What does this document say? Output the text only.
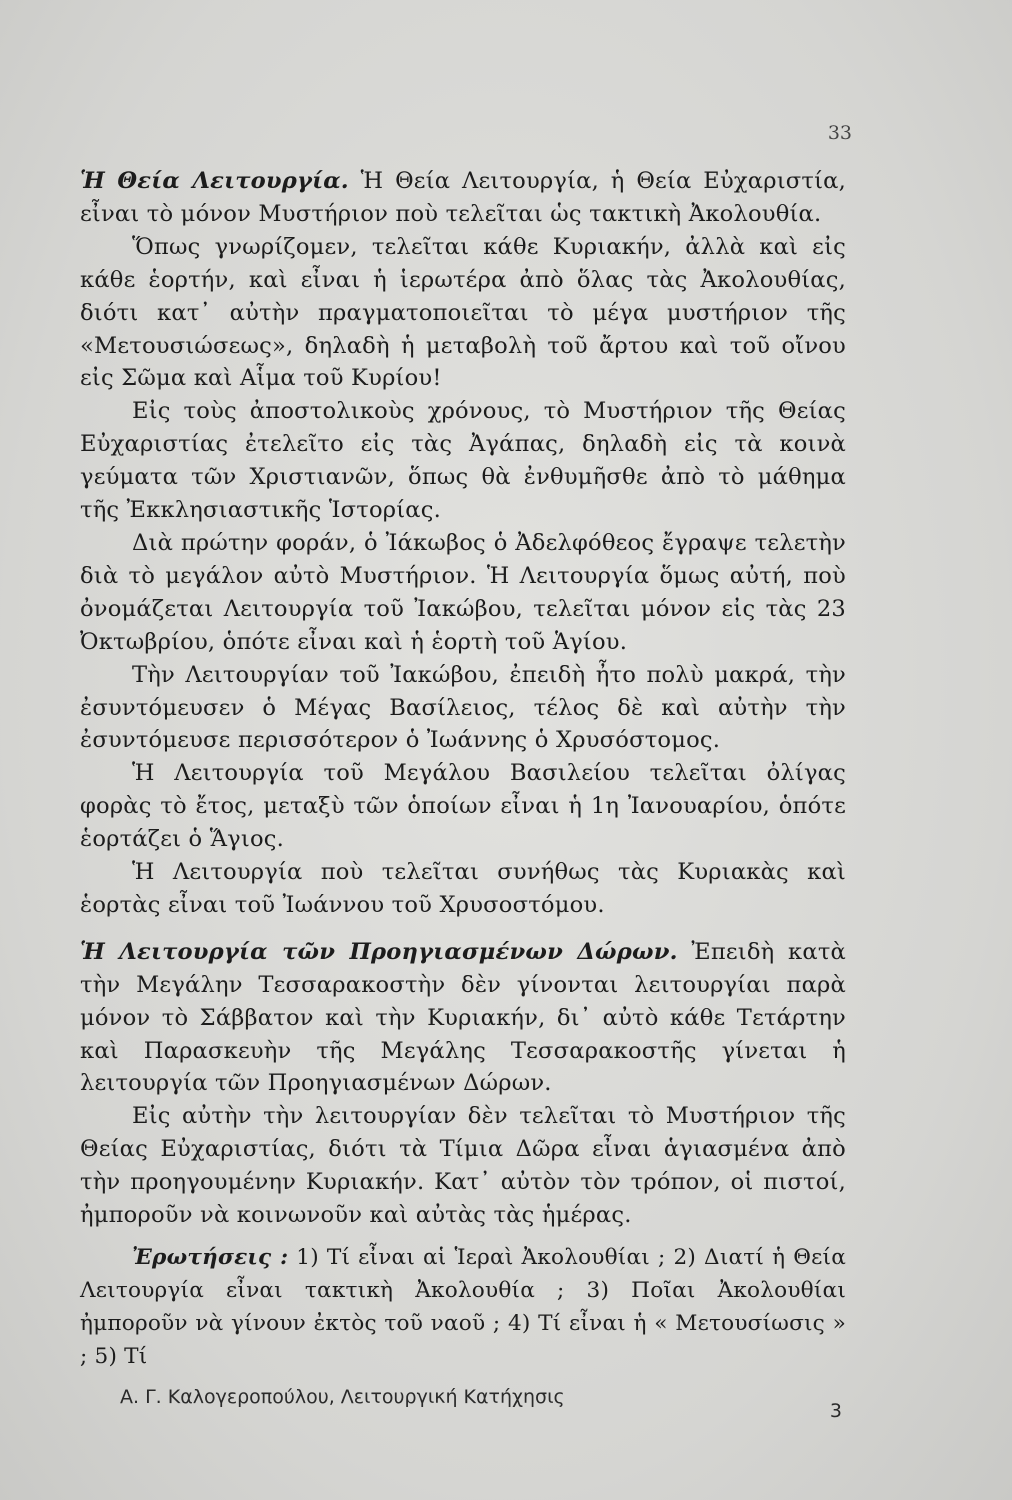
33

Ἡ Θεία Λειτουργία. Ἡ Θεία Λειτουργία, ἡ Θεία Εὐχαριστία, εἶναι τὸ μόνον Μυστήριον ποὺ τελεῖται ὡς τακτικὴ Ἀκολουθία.

Ὅπως γνωρίζομεν, τελεῖται κάθε Κυριακήν, ἀλλὰ καὶ εἰς κάθε ἑορτήν, καὶ εἶναι ἡ ἱερωτέρα ἀπὸ ὅλας τὰς Ἀκολουθίας, διότι κατ᾿ αὐτὴν πραγματοποιεῖται τὸ μέγα μυστήριον τῆς «Μετουσιώσεως», δηλαδὴ ἡ μεταβολὴ τοῦ ἄρτου καὶ τοῦ οἴνου εἰς Σῶμα καὶ Αἷμα τοῦ Κυρίου!

Εἰς τοὺς ἀποστολικοὺς χρόνους, τὸ Μυστήριον τῆς Θείας Εὐχαριστίας ἐτελεῖτο εἰς τὰς Ἀγάπας, δηλαδὴ εἰς τὰ κοινὰ γεύματα τῶν Χριστιανῶν, ὅπως θὰ ἐνθυμῆσθε ἀπὸ τὸ μάθημα τῆς Ἐκκλησιαστικῆς Ἱστορίας.

Διὰ πρώτην φοράν, ὁ Ἰάκωβος ὁ Ἀδελφόθεος ἔγραψε τελετὴν διὰ τὸ μεγάλον αὐτὸ Μυστήριον. Ἡ Λειτουργία ὅμως αὐτή, ποὺ ὀνομάζεται Λειτουργία τοῦ Ἰακώβου, τελεῖται μόνον εἰς τὰς 23 Ὀκτωβρίου, ὁπότε εἶναι καὶ ἡ ἑορτὴ τοῦ Ἁγίου.

Τὴν Λειτουργίαν τοῦ Ἰακώβου, ἐπειδὴ ἦτο πολὺ μακρά, τὴν ἐσυντόμευσεν ὁ Μέγας Βασίλειος, τέλος δὲ καὶ αὐτὴν τὴν ἐσυντόμευσε περισσότερον ὁ Ἰωάννης ὁ Χρυσόστομος.

Ἡ Λειτουργία τοῦ Μεγάλου Βασιλείου τελεῖται ὀλίγας φορὰς τὸ ἔτος, μεταξὺ τῶν ὁποίων εἶναι ἡ 1η Ἰανουαρίου, ὁπότε ἑορτάζει ὁ Ἅγιος.

Ἡ Λειτουργία ποὺ τελεῖται συνήθως τὰς Κυριακὰς καὶ ἑορτὰς εἶναι τοῦ Ἰωάννου τοῦ Χρυσοστόμου.

Ἡ Λειτουργία τῶν Προηγιασμένων Δώρων. Ἐπειδὴ κατὰ τὴν Μεγάλην Τεσσαρακοστὴν δὲν γίνονται λειτουργίαι παρὰ μόνον τὸ Σάββατον καὶ τὴν Κυριακήν, δι᾿ αὐτὸ κάθε Τετάρτην καὶ Παρασκευὴν τῆς Μεγάλης Τεσσαρακοστῆς γίνεται ἡ λειτουργία τῶν Προηγιασμένων Δώρων.

Εἰς αὐτὴν τὴν λειτουργίαν δὲν τελεῖται τὸ Μυστήριον τῆς Θείας Εὐχαριστίας, διότι τὰ Τίμια Δῶρα εἶναι ἁγιασμένα ἀπὸ τὴν προηγουμένην Κυριακήν. Κατ᾿ αὐτὸν τὸν τρόπον, οἱ πιστοί, ἠμποροῦν νὰ κοινωνοῦν καὶ αὐτὰς τὰς ἡμέρας.

Ἐρωτήσεις : 1) Τί εἶναι αἱ Ἱεραὶ Ἀκολουθίαι ; 2) Διατί ἡ Θεία Λειτουργία εἶναι τακτικὴ Ἀκολουθία ; 3) Ποῖαι Ἀκολουθίαι ἠμποροῦν νὰ γίνουν ἐκτὸς τοῦ ναοῦ ; 4) Τί εἶναι ἡ « Μετουσίωσις » ; 5) Τί

Α. Γ. Καλογεροπούλου, Λειτουργική Κατήχησις
3
